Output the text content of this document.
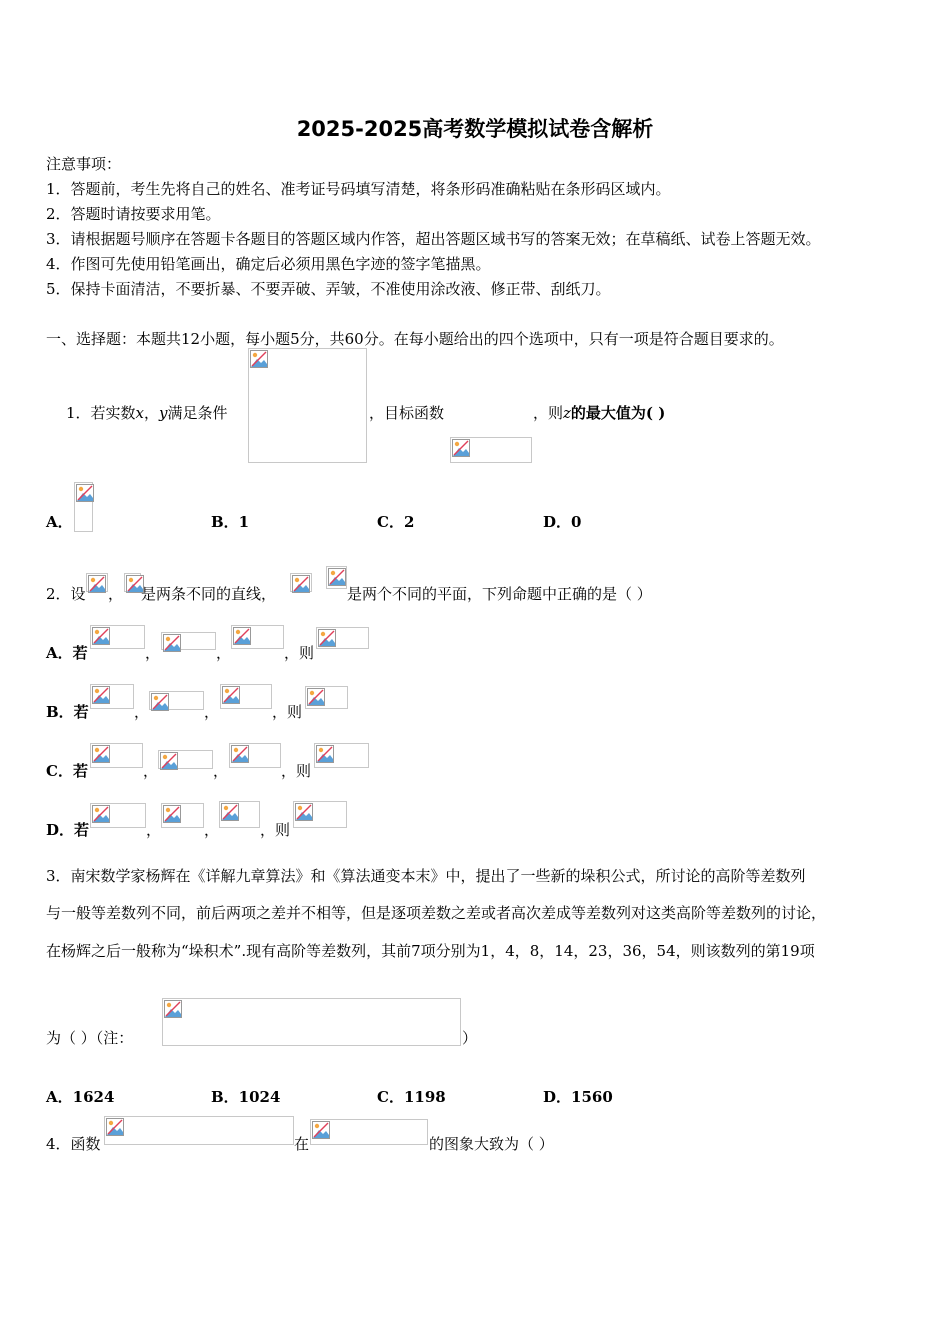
2025-2025高考数学模拟试卷含解析
注意事项：
1．答题前，考生先将自己的姓名、准考证号码填写清楚，将条形码准确粘贴在条形码区域内。
2．答题时请按要求用笔。
3．请根据题号顺序在答题卡各题目的答题区域内作答，超出答题区域书写的答案无效；在草稿纸、试卷上答题无效。
4．作图可先使用铅笔画出，确定后必须用黑色字迹的签字笔描黑。
5．保持卡面清洁，不要折暴、不要弄破、弄皱，不准使用涂改液、修正带、刮纸刀。
一、选择题：本题共12小题，每小题5分，共60分。在每小题给出的四个选项中，只有一项是符合题目要求的。
1．若实数x，y满足条件	，目标函数	，则z的最大值为( )
A．	B．1	C．2	D．0
2．设 ， 是两条不同的直线，	是两个不同的平面，下列命题中正确的是（ ）
A．若	，	，	，则
B．若	，	，	，则
C．若	，	，	，则
D．若	，	，	，则
3．南宋数学家杨辉在《详解九章算法》和《算法通变本末》中，提出了一些新的垛积公式，所讨论的高阶等差数列
与一般等差数列不同，前后两项之差并不相等，但是逐项差数之差或者高次差成等差数列对这类高阶等差数列的讨论，
在杨辉之后一般称为“垛积术”.现有高阶等差数列，其前7项分别为1，4，8，14，23，36，54，则该数列的第19项
为（ ）（注：	）
A．1624	B．1024	C．1198	D．1560
4．函数	在	的图象大致为（ ）
